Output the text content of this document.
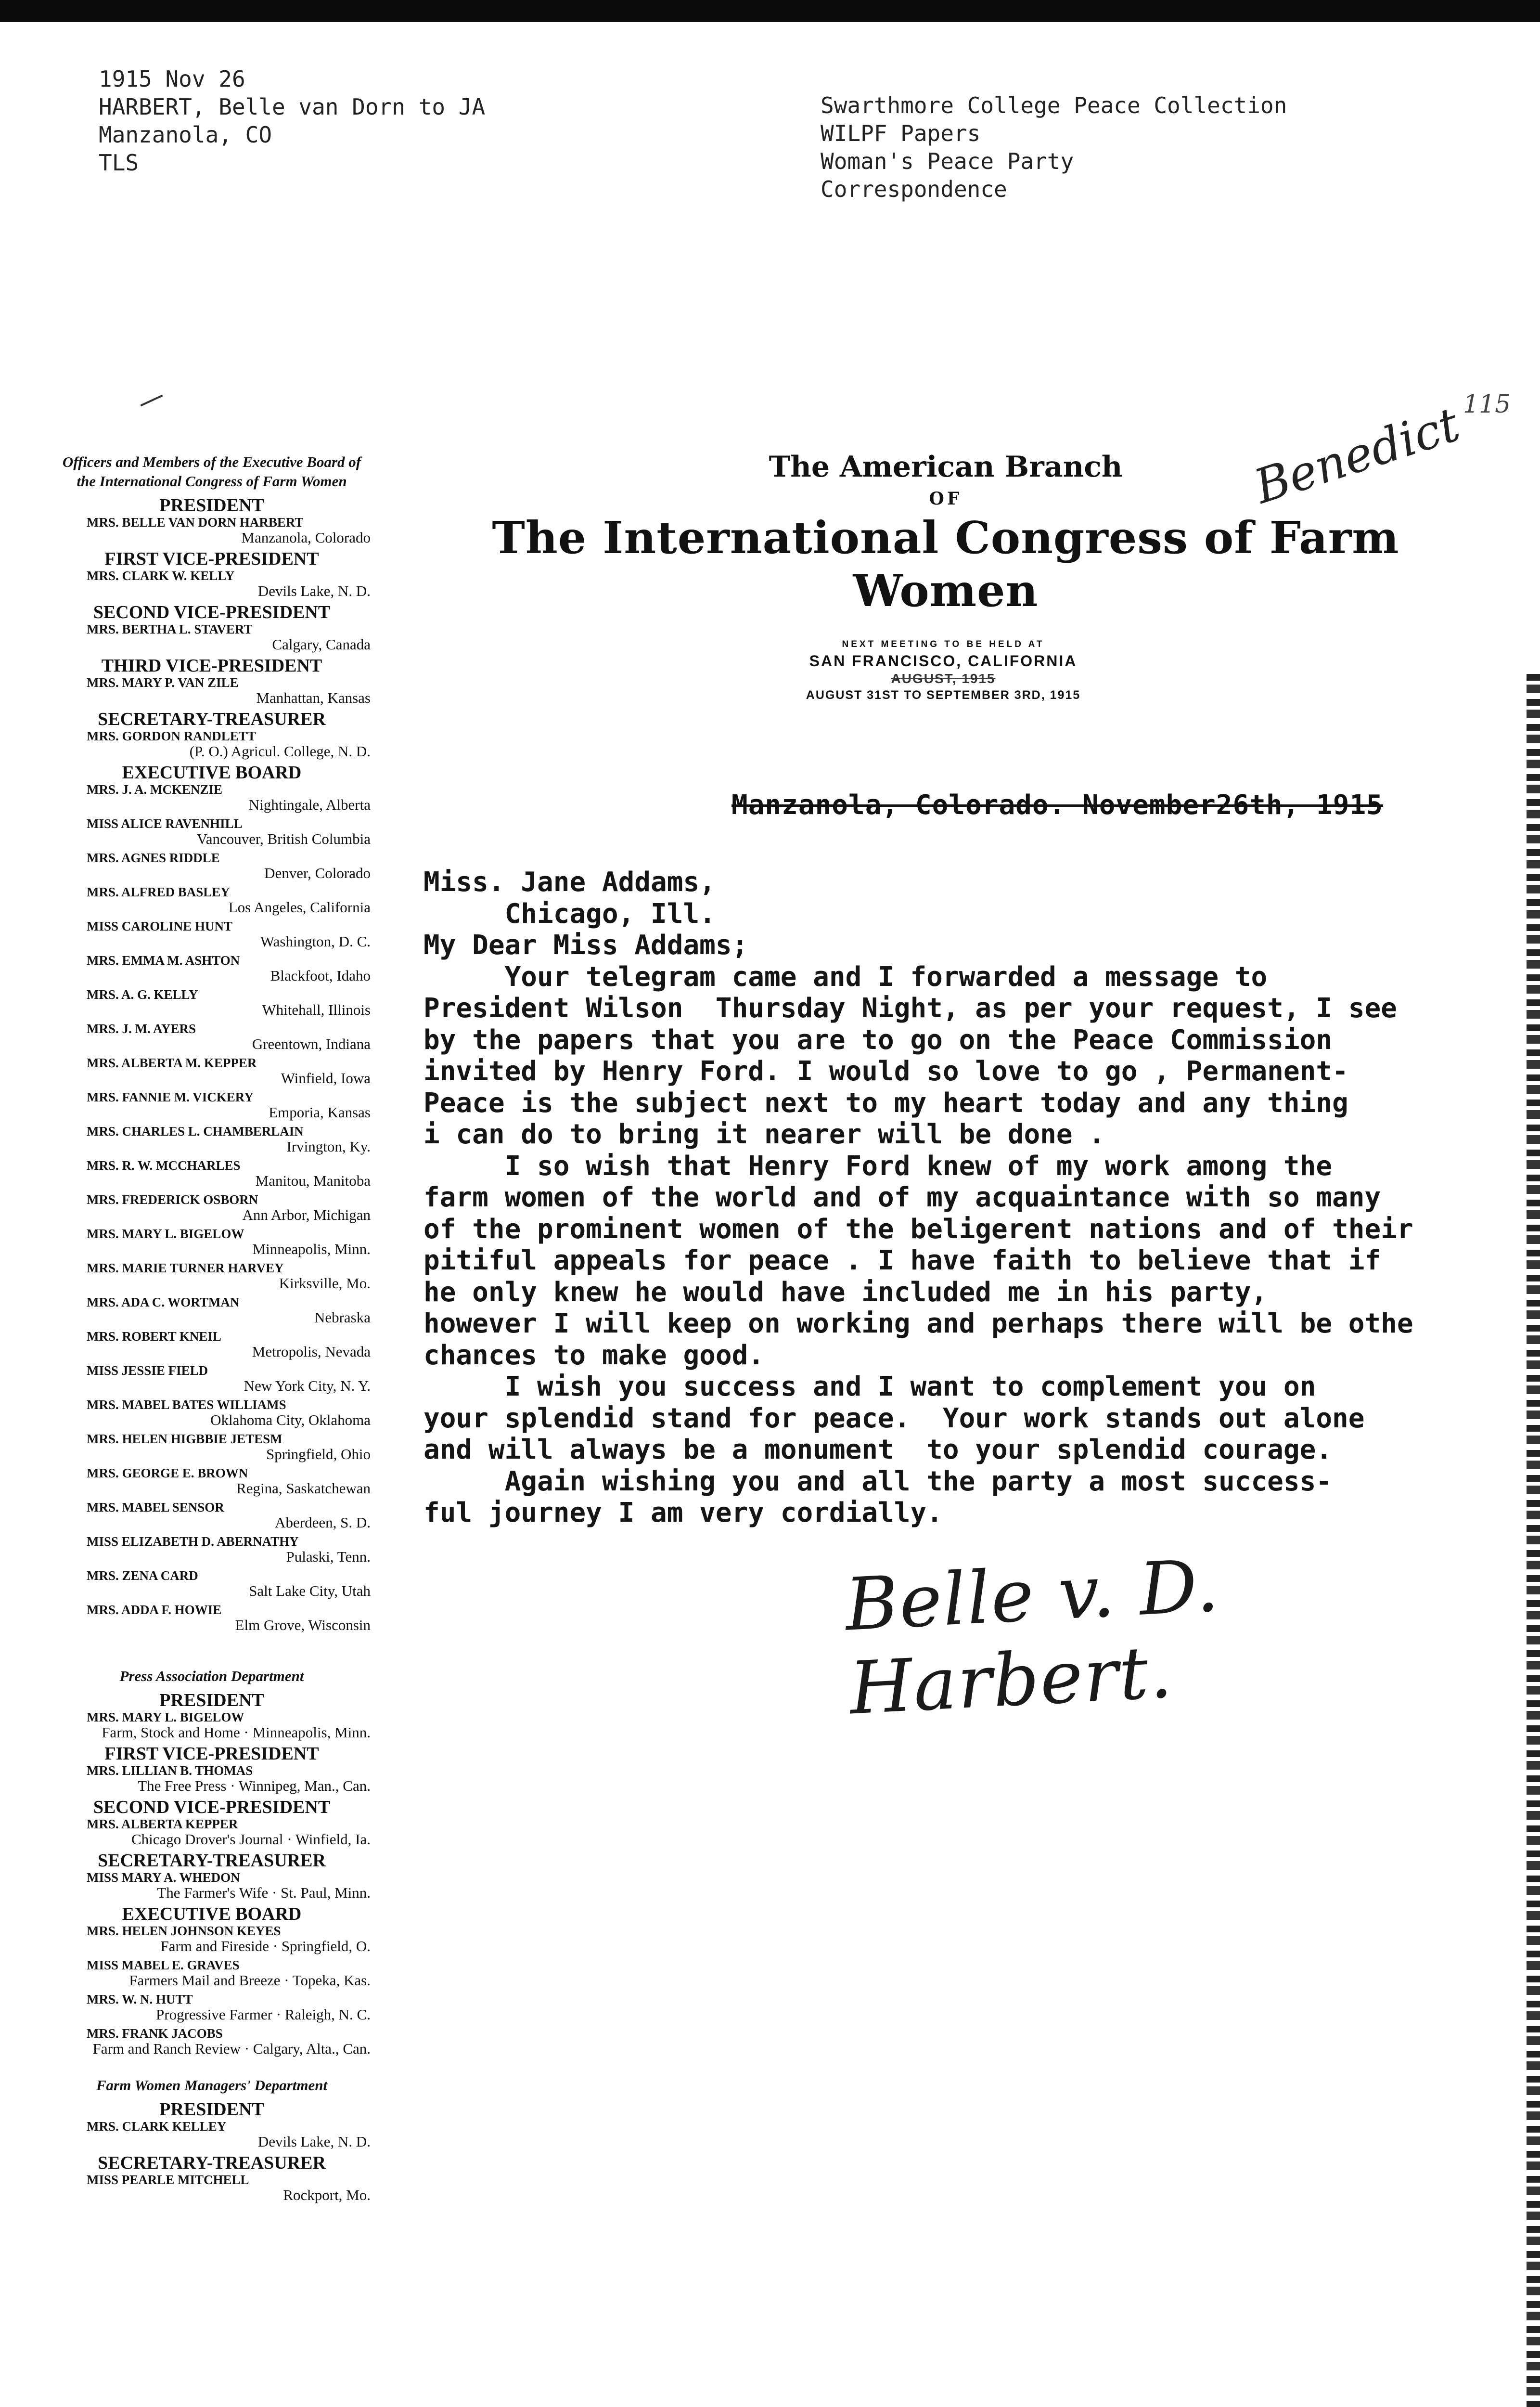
1915 Nov 26
HARBERT, Belle van Dorn to JA
Manzanola, CO
TLS
Swarthmore College Peace Collection
WILPF Papers
Woman's Peace Party
Correspondence
Benedict
115
The American Branch
OF
The International Congress of Farm Women
NEXT MEETING TO BE HELD AT
SAN FRANCISCO, CALIFORNIA
AUGUST, 1915
AUGUST 31ST TO SEPTEMBER 3RD, 1915
Officers and Members of the Executive Board of the International Congress of Farm Women
PRESIDENT
MRS. BELLE VAN DORN HARBERT
Manzanola, Colorado
FIRST VICE-PRESIDENT
MRS. CLARK W. KELLY
Devils Lake, N. D.
SECOND VICE-PRESIDENT
MRS. BERTHA L. STAVERT
Calgary, Canada
THIRD VICE-PRESIDENT
MRS. MARY P. VAN ZILE
Manhattan, Kansas
SECRETARY-TREASURER
MRS. GORDON RANDLETT
(P. O.) Agricul. College, N. D.
EXECUTIVE BOARD
MRS. J. A. MCKENZIE
Nightingale, Alberta
MISS ALICE RAVENHILL
Vancouver, British Columbia
MRS. AGNES RIDDLE
Denver, Colorado
MRS. ALFRED BASLEY
Los Angeles, California
MISS CAROLINE HUNT
Washington, D. C.
MRS. EMMA M. ASHTON
Blackfoot, Idaho
MRS. A. G. KELLY
Whitehall, Illinois
MRS. J. M. AYERS
Greentown, Indiana
MRS. ALBERTA M. KEPPER
Winfield, Iowa
MRS. FANNIE M. VICKERY
Emporia, Kansas
MRS. CHARLES L. CHAMBERLAIN
Irvington, Ky.
MRS. R. W. MCCHARLES
Manitou, Manitoba
MRS. FREDERICK OSBORN
Ann Arbor, Michigan
MRS. MARY L. BIGELOW
Minneapolis, Minn.
MRS. MARIE TURNER HARVEY
Kirksville, Mo.
MRS. ADA C. WORTMAN
Nebraska
MRS. ROBERT KNEIL
Metropolis, Nevada
MISS JESSIE FIELD
New York City, N. Y.
MRS. MABEL BATES WILLIAMS
Oklahoma City, Oklahoma
MRS. HELEN HIGBBIE JETESM
Springfield, Ohio
MRS. GEORGE E. BROWN
Regina, Saskatchewan
MRS. MABEL SENSOR
Aberdeen, S. D.
MISS ELIZABETH D. ABERNATHY
Pulaski, Tenn.
MRS. ZENA CARD
Salt Lake City, Utah
MRS. ADDA F. HOWIE
Elm Grove, Wisconsin
Press Association Department
PRESIDENT
MRS. MARY L. BIGELOW
Farm, Stock and Home · Minneapolis, Minn.
FIRST VICE-PRESIDENT
MRS. LILLIAN B. THOMAS
The Free Press · Winnipeg, Man., Can.
SECOND VICE-PRESIDENT
MRS. ALBERTA KEPPER
Chicago Drover's Journal · Winfield, Ia.
SECRETARY-TREASURER
MISS MARY A. WHEDON
The Farmer's Wife · St. Paul, Minn.
EXECUTIVE BOARD
MRS. HELEN JOHNSON KEYES
Farm and Fireside · Springfield, O.
MISS MABEL E. GRAVES
Farmers Mail and Breeze · Topeka, Kas.
MRS. W. N. HUTT
Progressive Farmer · Raleigh, N. C.
MRS. FRANK JACOBS
Farm and Ranch Review · Calgary, Alta., Can.
Farm Women Managers' Department
PRESIDENT
MRS. CLARK KELLEY
Devils Lake, N. D.
SECRETARY-TREASURER
MISS PEARLE MITCHELL
Rockport, Mo.
Manzanola, Colorado. November26th, 1915
Miss. Jane Addams,
Chicago, Ill.
My Dear Miss Addams;
Your telegram came and I forwarded a message to
President Wilson  Thursday Night, as per your request, I see
by the papers that you are to go on the Peace Commission
invited by Henry Ford. I would so love to go , Permanent-
Peace is the subject next to my heart today and any thing
i can do to bring it nearer will be done .
I so wish that Henry Ford knew of my work among the
farm women of the world and of my acquaintance with so many
of the prominent women of the beligerent nations and of their
pitiful appeals for peace . I have faith to believe that if
he only knew he would have included me in his party,
however I will keep on working and perhaps there will be othe
chances to make good.
I wish you success and I want to complement you on
your splendid stand for peace.  Your work stands out alone
and will always be a monument  to your splendid courage.
Again wishing you and all the party a most success-
ful journey I am very cordially.
Belle v. D. Harbert.
